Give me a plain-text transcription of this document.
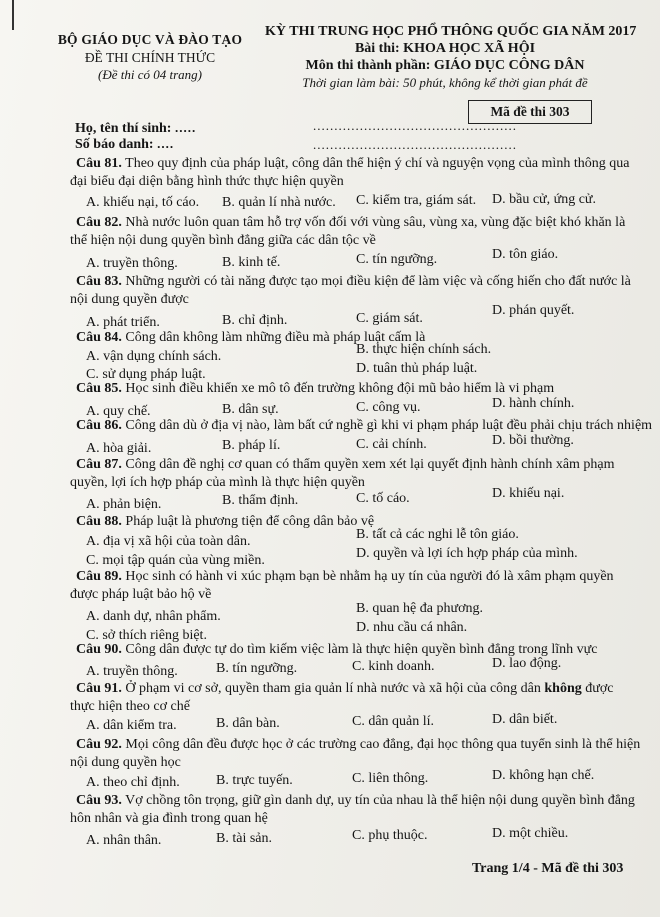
BỘ GIÁO DỤC VÀ ĐÀO TẠO
ĐỀ THI CHÍNH THỨC
(Đề thi có 04 trang)
KỲ THI TRUNG HỌC PHỔ THÔNG QUỐC GIA NĂM 2017
Bài thi: KHOA HỌC XÃ HỘI
Môn thi thành phần: GIÁO DỤC CÔNG DÂN
Thời gian làm bài: 50 phút, không kể thời gian phát đề
Mã đề thi 303
Họ, tên thí sinh: .....	................................................
Số báo danh: ....	................................................
Câu 81. Theo quy định của pháp luật, công dân thể hiện ý chí và nguyện vọng của mình thông qua
đại biểu đại diện bằng hình thức thực hiện quyền
A. khiếu nại, tố cáo. B. quản lí nhà nước. C. kiểm tra, giám sát. D. bầu cử, ứng cử.
Câu 82. Nhà nước luôn quan tâm hỗ trợ vốn đối với vùng sâu, vùng xa, vùng đặc biệt khó khăn là
thể hiện nội dung quyền bình đẳng giữa các dân tộc về
A. truyền thông.	B. kinh tế.	C. tín ngưỡng.	D. tôn giáo.
Câu 83. Những người có tài năng được tạo mọi điều kiện để làm việc và cống hiến cho đất nước là
nội dung quyền được
A. phát triển.	B. chỉ định.	C. giám sát.
D. phán quyết.
Câu 84. Công dân không làm những điều mà pháp luật cấm là
A. vận dụng chính sách.	B. thực hiện chính sách.
C. sử dụng pháp luật.	D. tuân thủ pháp luật.
Câu 85. Học sinh điều khiển xe mô tô đến trường không đội mũ bảo hiểm là vi phạm
A. quy chế.	B. dân sự.	C. công vụ.	D. hành chính.
Câu 86. Công dân dù ở địa vị nào, làm bất cứ nghề gì khi vi phạm pháp luật đều phải chịu trách nhiệm
A. hòa giải.	B. pháp lí.	C. cải chính.	D. bồi thường.
Câu 87. Công dân đề nghị cơ quan có thẩm quyền xem xét lại quyết định hành chính xâm phạm
quyền, lợi ích hợp pháp của mình là thực hiện quyền
A. phản biện.	B. thẩm định.	C. tố cáo.	D. khiếu nại.
Câu 88. Pháp luật là phương tiện để công dân bảo vệ
A. địa vị xã hội của toàn dân.	B. tất cả các nghi lễ tôn giáo.
C. mọi tập quán của vùng miền.	D. quyền và lợi ích hợp pháp của mình.
Câu 89. Học sinh có hành vi xúc phạm bạn bè nhằm hạ uy tín của người đó là xâm phạm quyền
được pháp luật bảo hộ về
A. danh dự, nhân phẩm.
B. quan hệ đa phương.
C. sở thích riêng biệt.
D. nhu cầu cá nhân.
Câu 90. Công dân được tự do tìm kiếm việc làm là thực hiện quyền bình đẳng trong lĩnh vực
A. truyền thông.	B. tín ngưỡng.	C. kinh doanh.	D. lao động.
Câu 91. Ở phạm vi cơ sở, quyền tham gia quản lí nhà nước và xã hội của công dân không được
thực hiện theo cơ chế
A. dân kiểm tra.	B. dân bàn.	C. dân quản lí.	D. dân biết.
Câu 92. Mọi công dân đều được học ở các trường cao đẳng, đại học thông qua tuyển sinh là thể hiện
nội dung quyền học
A. theo chỉ định.	B. trực tuyến.	C. liên thông.	D. không hạn chế.
Câu 93. Vợ chồng tôn trọng, giữ gìn danh dự, uy tín của nhau là thể hiện nội dung quyền bình đẳng
hôn nhân và gia đình trong quan hệ
A. nhân thân.	B. tài sản.	C. phụ thuộc.	D. một chiều.
Trang 1/4 - Mã đề thi 303
